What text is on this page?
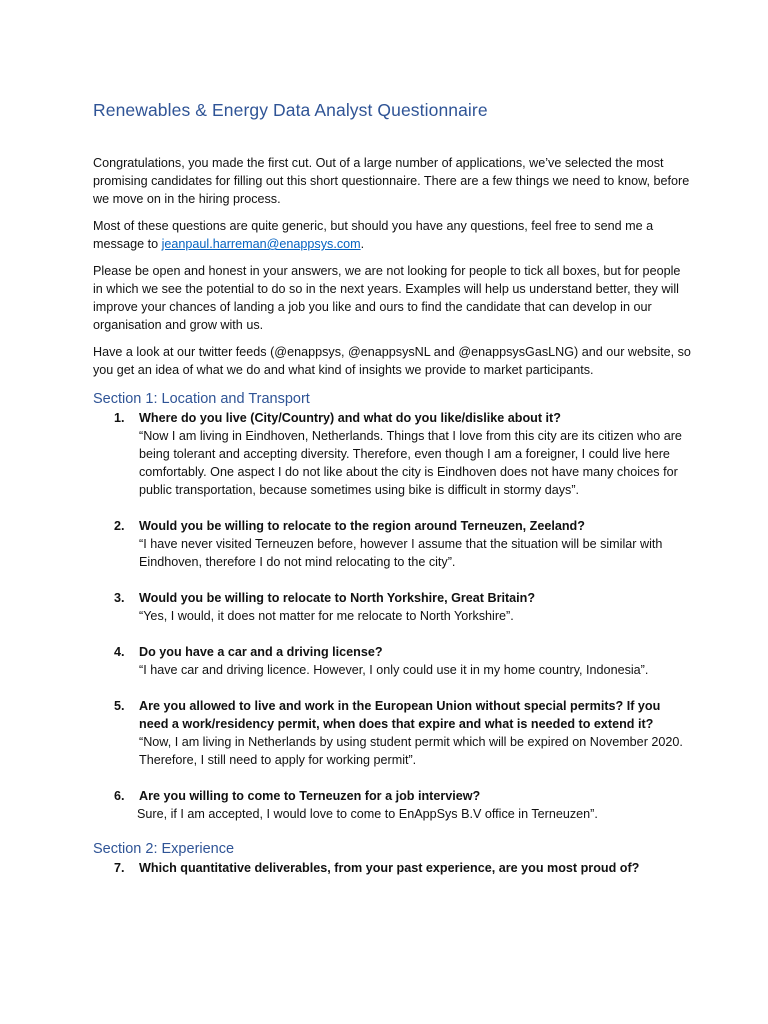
Renewables & Energy Data Analyst Questionnaire

Congratulations, you made the first cut. Out of a large number of applications, we’ve selected the most promising candidates for filling out this short questionnaire. There are a few things we need to know, before we move on in the hiring process.

Most of these questions are quite generic, but should you have any questions, feel free to send me a message to jeanpaul.harreman@enappsys.com.

Please be open and honest in your answers, we are not looking for people to tick all boxes, but for people in which we see the potential to do so in the next years. Examples will help us understand better, they will improve your chances of landing a job you like and ours to find the candidate that can develop in our organisation and grow with us.

Have a look at our twitter feeds (@enappsys, @enappsysNL and @enappsysGasLNG) and our website, so you get an idea of what we do and what kind of insights we provide to market participants.

Section 1: Location and Transport
1. Where do you live (City/Country) and what do you like/dislike about it?
“Now I am living in Eindhoven, Netherlands. Things that I love from this city are its citizen who are being tolerant and accepting diversity. Therefore, even though I am a foreigner, I could live here comfortably. One aspect I do not like about the city is Eindhoven does not have many choices for public transportation, because sometimes using bike is difficult in stormy days”.
2. Would you be willing to relocate to the region around Terneuzen, Zeeland?
“I have never visited Terneuzen before, however I assume that the situation will be similar with Eindhoven, therefore I do not mind relocating to the city”.
3. Would you be willing to relocate to North Yorkshire, Great Britain?
“Yes, I would, it does not matter for me relocate to North Yorkshire”.
4. Do you have a car and a driving license?
“I have car and driving licence. However, I only could use it in my home country, Indonesia”.
5. Are you allowed to live and work in the European Union without special permits? If you need a work/residency permit, when does that expire and what is needed to extend it?
“Now, I am living in Netherlands by using student permit which will be expired on November 2020. Therefore, I still need to apply for working permit”.
6. Are you willing to come to Terneuzen for a job interview?
Sure, if I am accepted, I would love to come to EnAppSys B.V office in Terneuzen”.
Section 2: Experience
7. Which quantitative deliverables, from your past experience, are you most proud of?
